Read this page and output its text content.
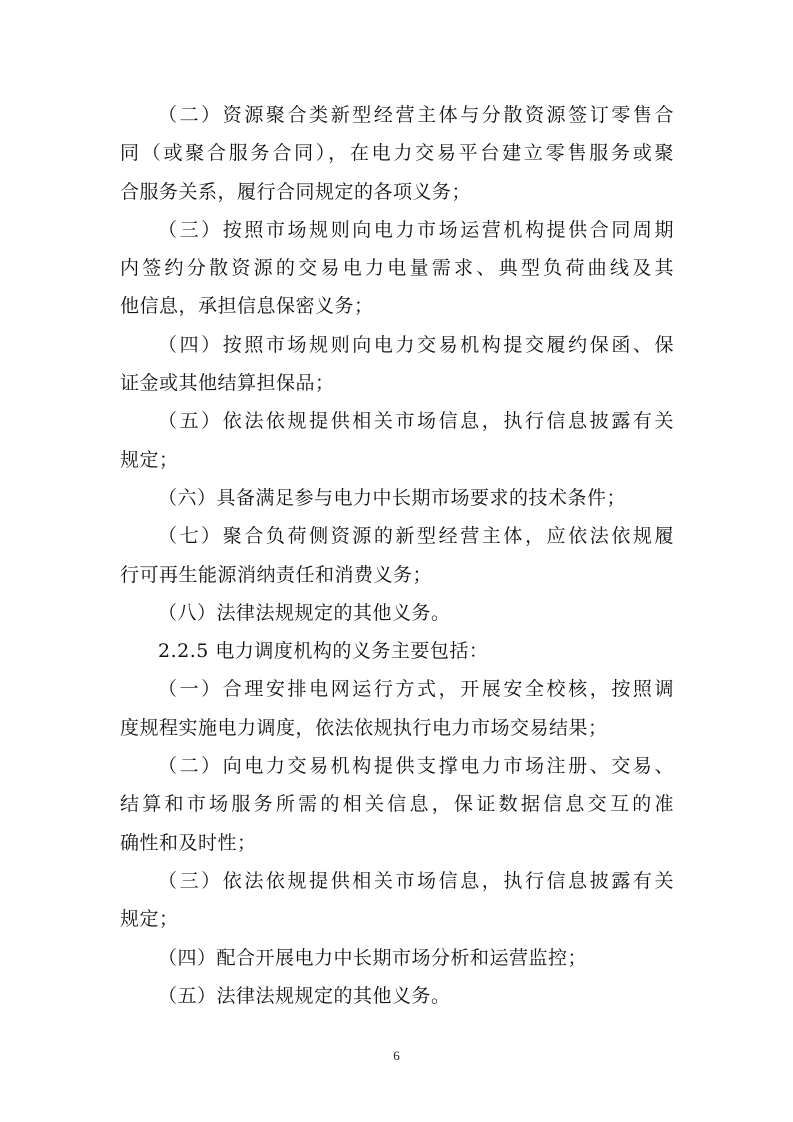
（二）资源聚合类新型经营主体与分散资源签订零售合
同（或聚合服务合同），在电力交易平台建立零售服务或聚
合服务关系，履行合同规定的各项义务；
（三）按照市场规则向电力市场运营机构提供合同周期
内签约分散资源的交易电力电量需求、典型负荷曲线及其
他信息，承担信息保密义务；
（四）按照市场规则向电力交易机构提交履约保函、保
证金或其他结算担保品；
（五）依法依规提供相关市场信息，执行信息披露有关
规定；
（六）具备满足参与电力中长期市场要求的技术条件；
（七）聚合负荷侧资源的新型经营主体，应依法依规履
行可再生能源消纳责任和消费义务；
（八）法律法规规定的其他义务。
2.2.5 电力调度机构的义务主要包括：
（一）合理安排电网运行方式，开展安全校核，按照调
度规程实施电力调度，依法依规执行电力市场交易结果；
（二）向电力交易机构提供支撑电力市场注册、交易、
结算和市场服务所需的相关信息，保证数据信息交互的准
确性和及时性；
（三）依法依规提供相关市场信息，执行信息披露有关
规定；
（四）配合开展电力中长期市场分析和运营监控；
（五）法律法规规定的其他义务。
6
